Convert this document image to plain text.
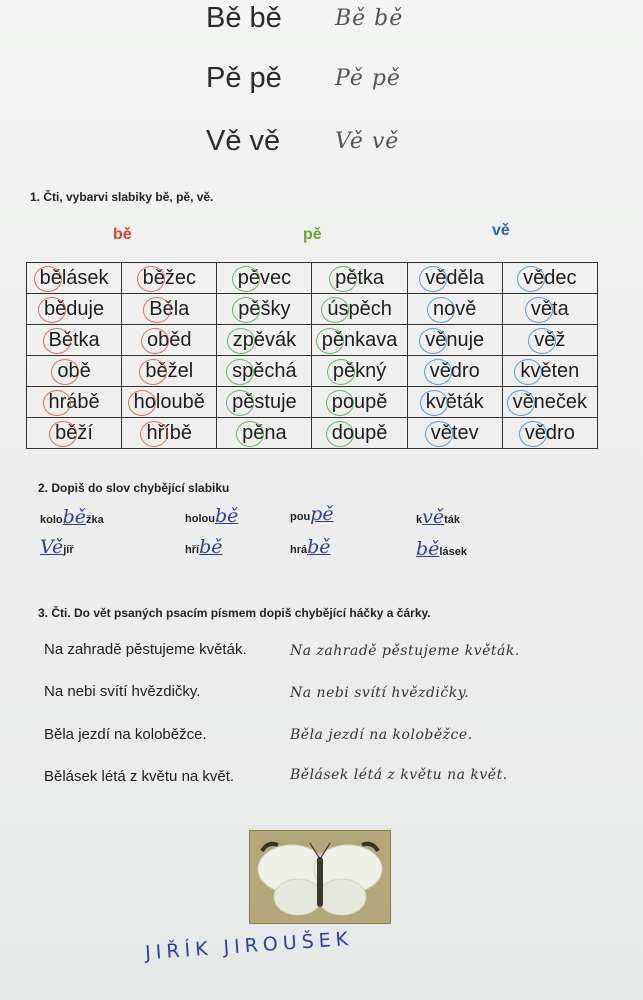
Bě bě Bě bě
Pě pě Pě pě
Vě vě Vě vě
1. Čti, vybarvi slabiky bě, pě, vě.
bě	pě	vě
bělásek	běžec	pěvec	pětka	věděla	vědec

běduje	Běla	pěšky	úspěch	nově	věta

Bětka	oběd	zpěvák	pěnkava	věnuje	věž

obě	běžel	spěchá	pěkný	vědro	květen

hrábě	holoubě	pěstuje	poupě	květák	věneček

běží	hříbě	pěna	doupě	větev	vědro
2. Dopiš do slov chybějící slabiku
koloběžka	holoubě	poupě	květák
Vějíř	hříbě	hrábě	bělásek
3. Čti. Do vět psaných psacím písmem dopiš chybějící háčky a čárky.
Na zahradě pěstujeme květák.	Na zahradě pěstujeme květák.
Na nebi svítí hvězdičky.	Na nebi svítí hvězdičky.
Běla jezdí na koloběžce.	Běla jezdí na koloběžce.
Bělásek létá z květu na květ.	Bělásek létá z květu na květ.
JIŘÍK JIROUŠEK
